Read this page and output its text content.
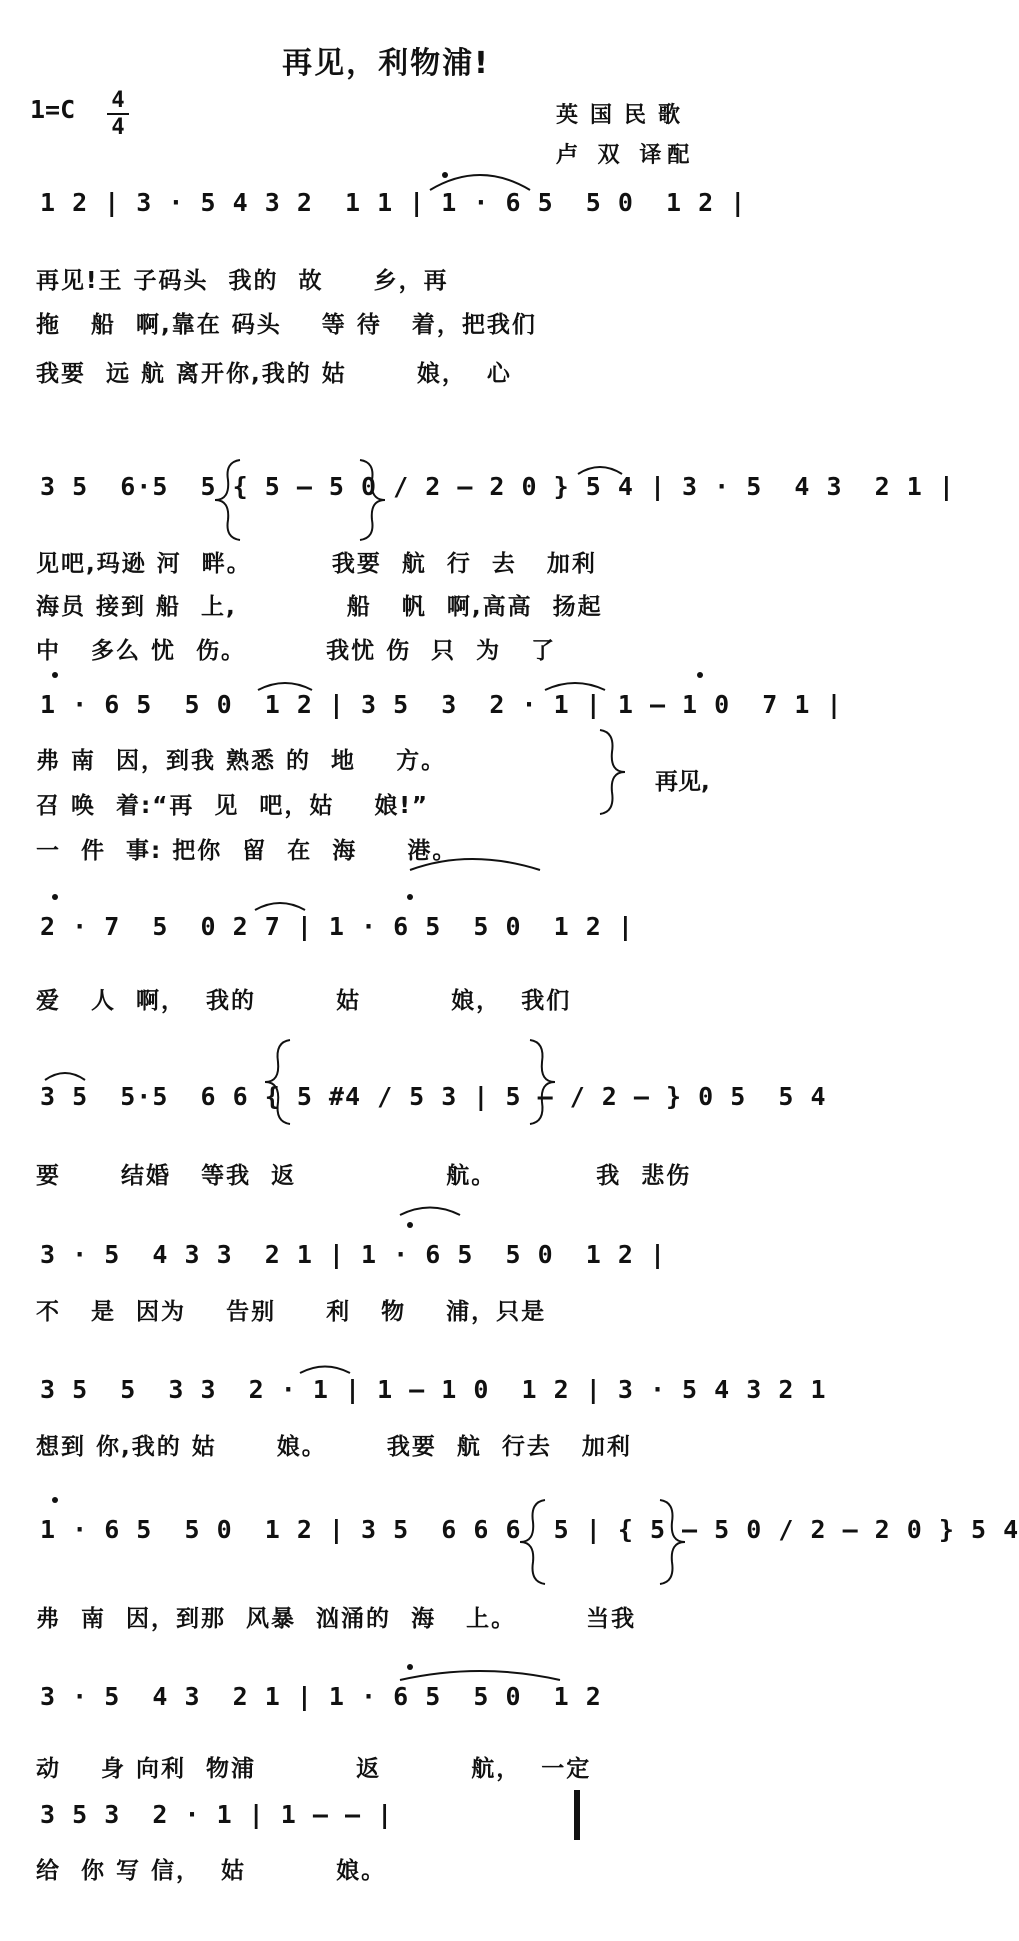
再见，利物浦!
1=C 4
4	英国民歌
卢 双 译配
1 2 | 3 · 5 4 3 2  1 1 | 1 · 6 5  5 0  1 2 |
再见!王 子码头  我的  故     乡，再
拖   船  啊,靠在 码头    等 待   着，把我们
我要  远 航 离开你,我的 姑       娘，  心
3 5  6·5  5 { 5 — 5 0 / 2 — 2 0 } 5 4 | 3 · 5  4 3  2 1 |
见吧,玛逊 河  畔。        我要  航  行  去   加利
海员 接到 船  上,           船   帆  啊,高高  扬起
中   多么 忧  伤。        我忧 伤  只  为   了
1 · 6 5  5 0  1 2 | 3 5  3  2 · 1 | 1 — 1 0  7 1 |
弗 南  因，到我 熟悉 的  地    方。
召 唤  着:“再  见  吧，姑    娘!”
一  件  事: 把你  留  在  海     港。
再见,
2 · 7  5  0 2 7 | 1 · 6 5  5 0  1 2 |
爱   人  啊，  我的        姑         娘，  我们
3 5  5·5  6 6 { 5 #4 / 5 3 | 5 — / 2 — } 0 5  5 4
要      结婚   等我  返               航。          我  悲伤
3 · 5  4 3 3  2 1 | 1 · 6 5  5 0  1 2 |
不   是  因为    告别     利   物    浦，只是
3 5  5  3 3  2 · 1 | 1 — 1 0  1 2 | 3 · 5 4 3 2 1
想到 你,我的 姑      娘。      我要  航  行去   加利
1 · 6 5  5 0  1 2 | 3 5  6 6 6  5 | { 5 — 5 0 / 2 — 2 0 } 5 4
弗  南  因，到那  风暴  汹涌的  海   上。       当我
3 · 5  4 3  2 1 | 1 · 6 5  5 0  1 2
动    身 向利  物浦          返         航，  一定
3 5 3  2 · 1 | 1 — — |
给  你 写 信，  姑         娘。
